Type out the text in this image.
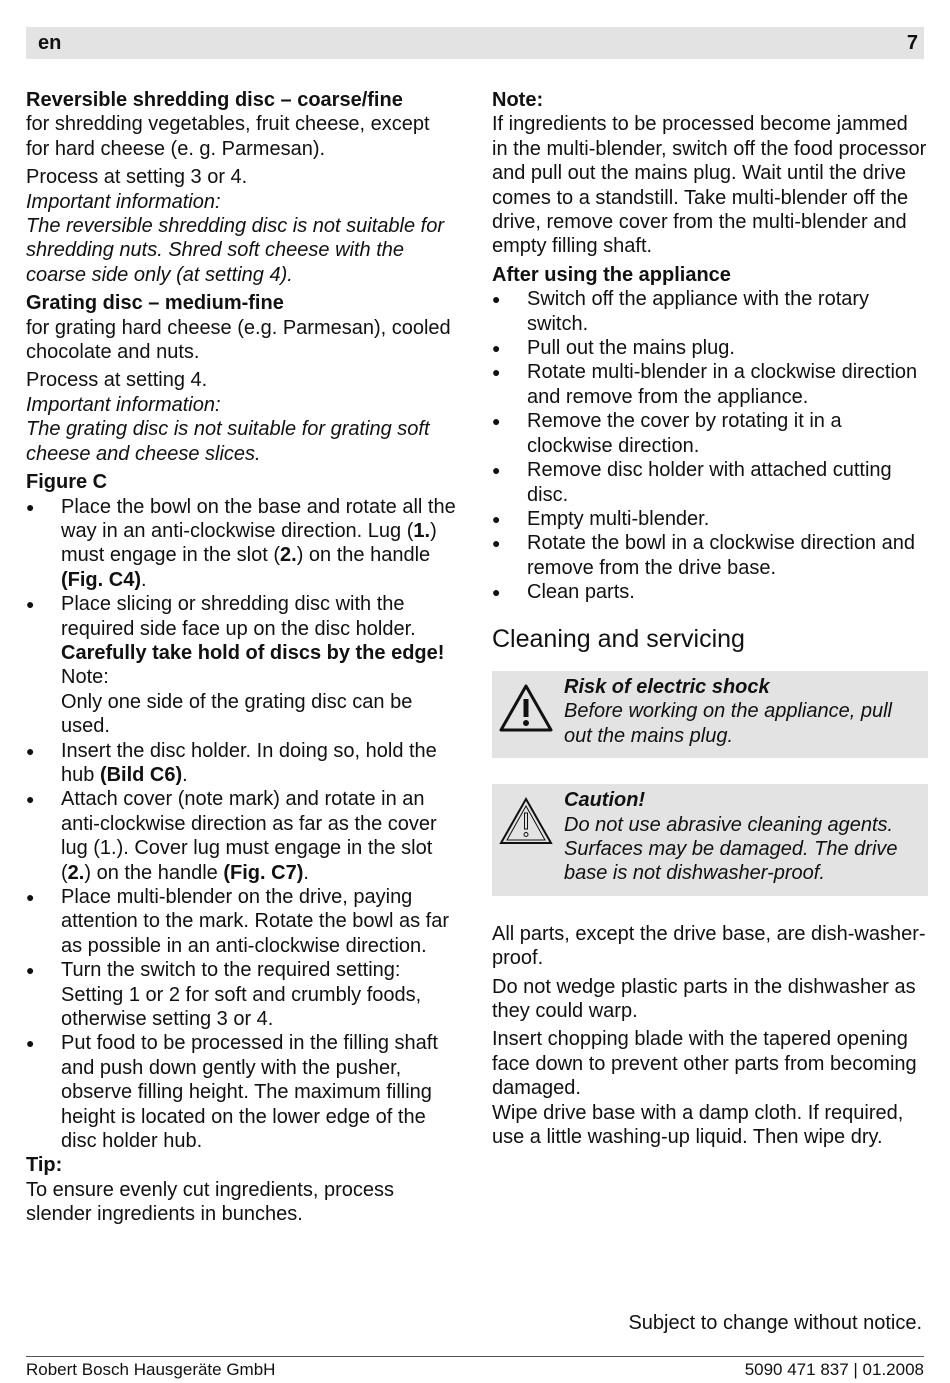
en	7
Reversible shredding disc – coarse/fine
for shredding vegetables, fruit cheese, except for hard cheese (e. g. Parmesan).
Process at setting 3 or 4.
Important information:
The reversible shredding disc is not suitable for shredding nuts. Shred soft cheese with the coarse side only (at setting 4).
Grating disc – medium-fine
for grating hard cheese (e.g. Parmesan), cooled chocolate and nuts.
Process at setting 4.
Important information:
The grating disc is not suitable for grating soft cheese and cheese slices.
Figure C
● Place the bowl on the base and rotate all the way in an anti-clockwise direction. Lug (1.) must engage in the slot (2.) on the handle (Fig. C4).
● Place slicing or shredding disc with the required side face up on the disc holder.
Carefully take hold of discs by the edge!
Note:
Only one side of the grating disc can be used.
● Insert the disc holder. In doing so, hold the hub (Bild C6).
● Attach cover (note mark) and rotate in an anti-clockwise direction as far as the cover lug (1.). Cover lug must engage in the slot (2.) on the handle (Fig. C7).
● Place multi-blender on the drive, paying attention to the mark. Rotate the bowl as far as possible in an anti-clockwise direction.
● Turn the switch to the required setting: Setting 1 or 2 for soft and crumbly foods, otherwise setting 3 or 4.
● Put food to be processed in the filling shaft and push down gently with the pusher, observe filling height. The maximum filling height is located on the lower edge of the disc holder hub.
Tip:
To ensure evenly cut ingredients, process slender ingredients in bunches.
Note:
If ingredients to be processed become jammed in the multi-blender, switch off the food processor and pull out the mains plug. Wait until the drive comes to a standstill. Take multi-blender off the drive, remove cover from the multi-blender and empty filling shaft.
After using the appliance
● Switch off the appliance with the rotary switch.
● Pull out the mains plug.
● Rotate multi-blender in a clockwise direction and remove from the appliance.
● Remove the cover by rotating it in a clockwise direction.
● Remove disc holder with attached cutting disc.
● Empty multi-blender.
● Rotate the bowl in a clockwise direction and remove from the drive base.
● Clean parts.
Cleaning and servicing
Risk of electric shock
Before working on the appliance, pull out the mains plug.
Caution!
Do not use abrasive cleaning agents. Surfaces may be damaged. The drive base is not dishwasher-proof.
All parts, except the drive base, are dish-washer-proof.
Do not wedge plastic parts in the dishwasher as they could warp.
Insert chopping blade with the tapered opening face down to prevent other parts from becoming damaged.
Wipe drive base with a damp cloth. If required, use a little washing-up liquid. Then wipe dry.
Subject to change without notice.
Robert Bosch Hausgeräte GmbH	5090 471 837 | 01.2008
